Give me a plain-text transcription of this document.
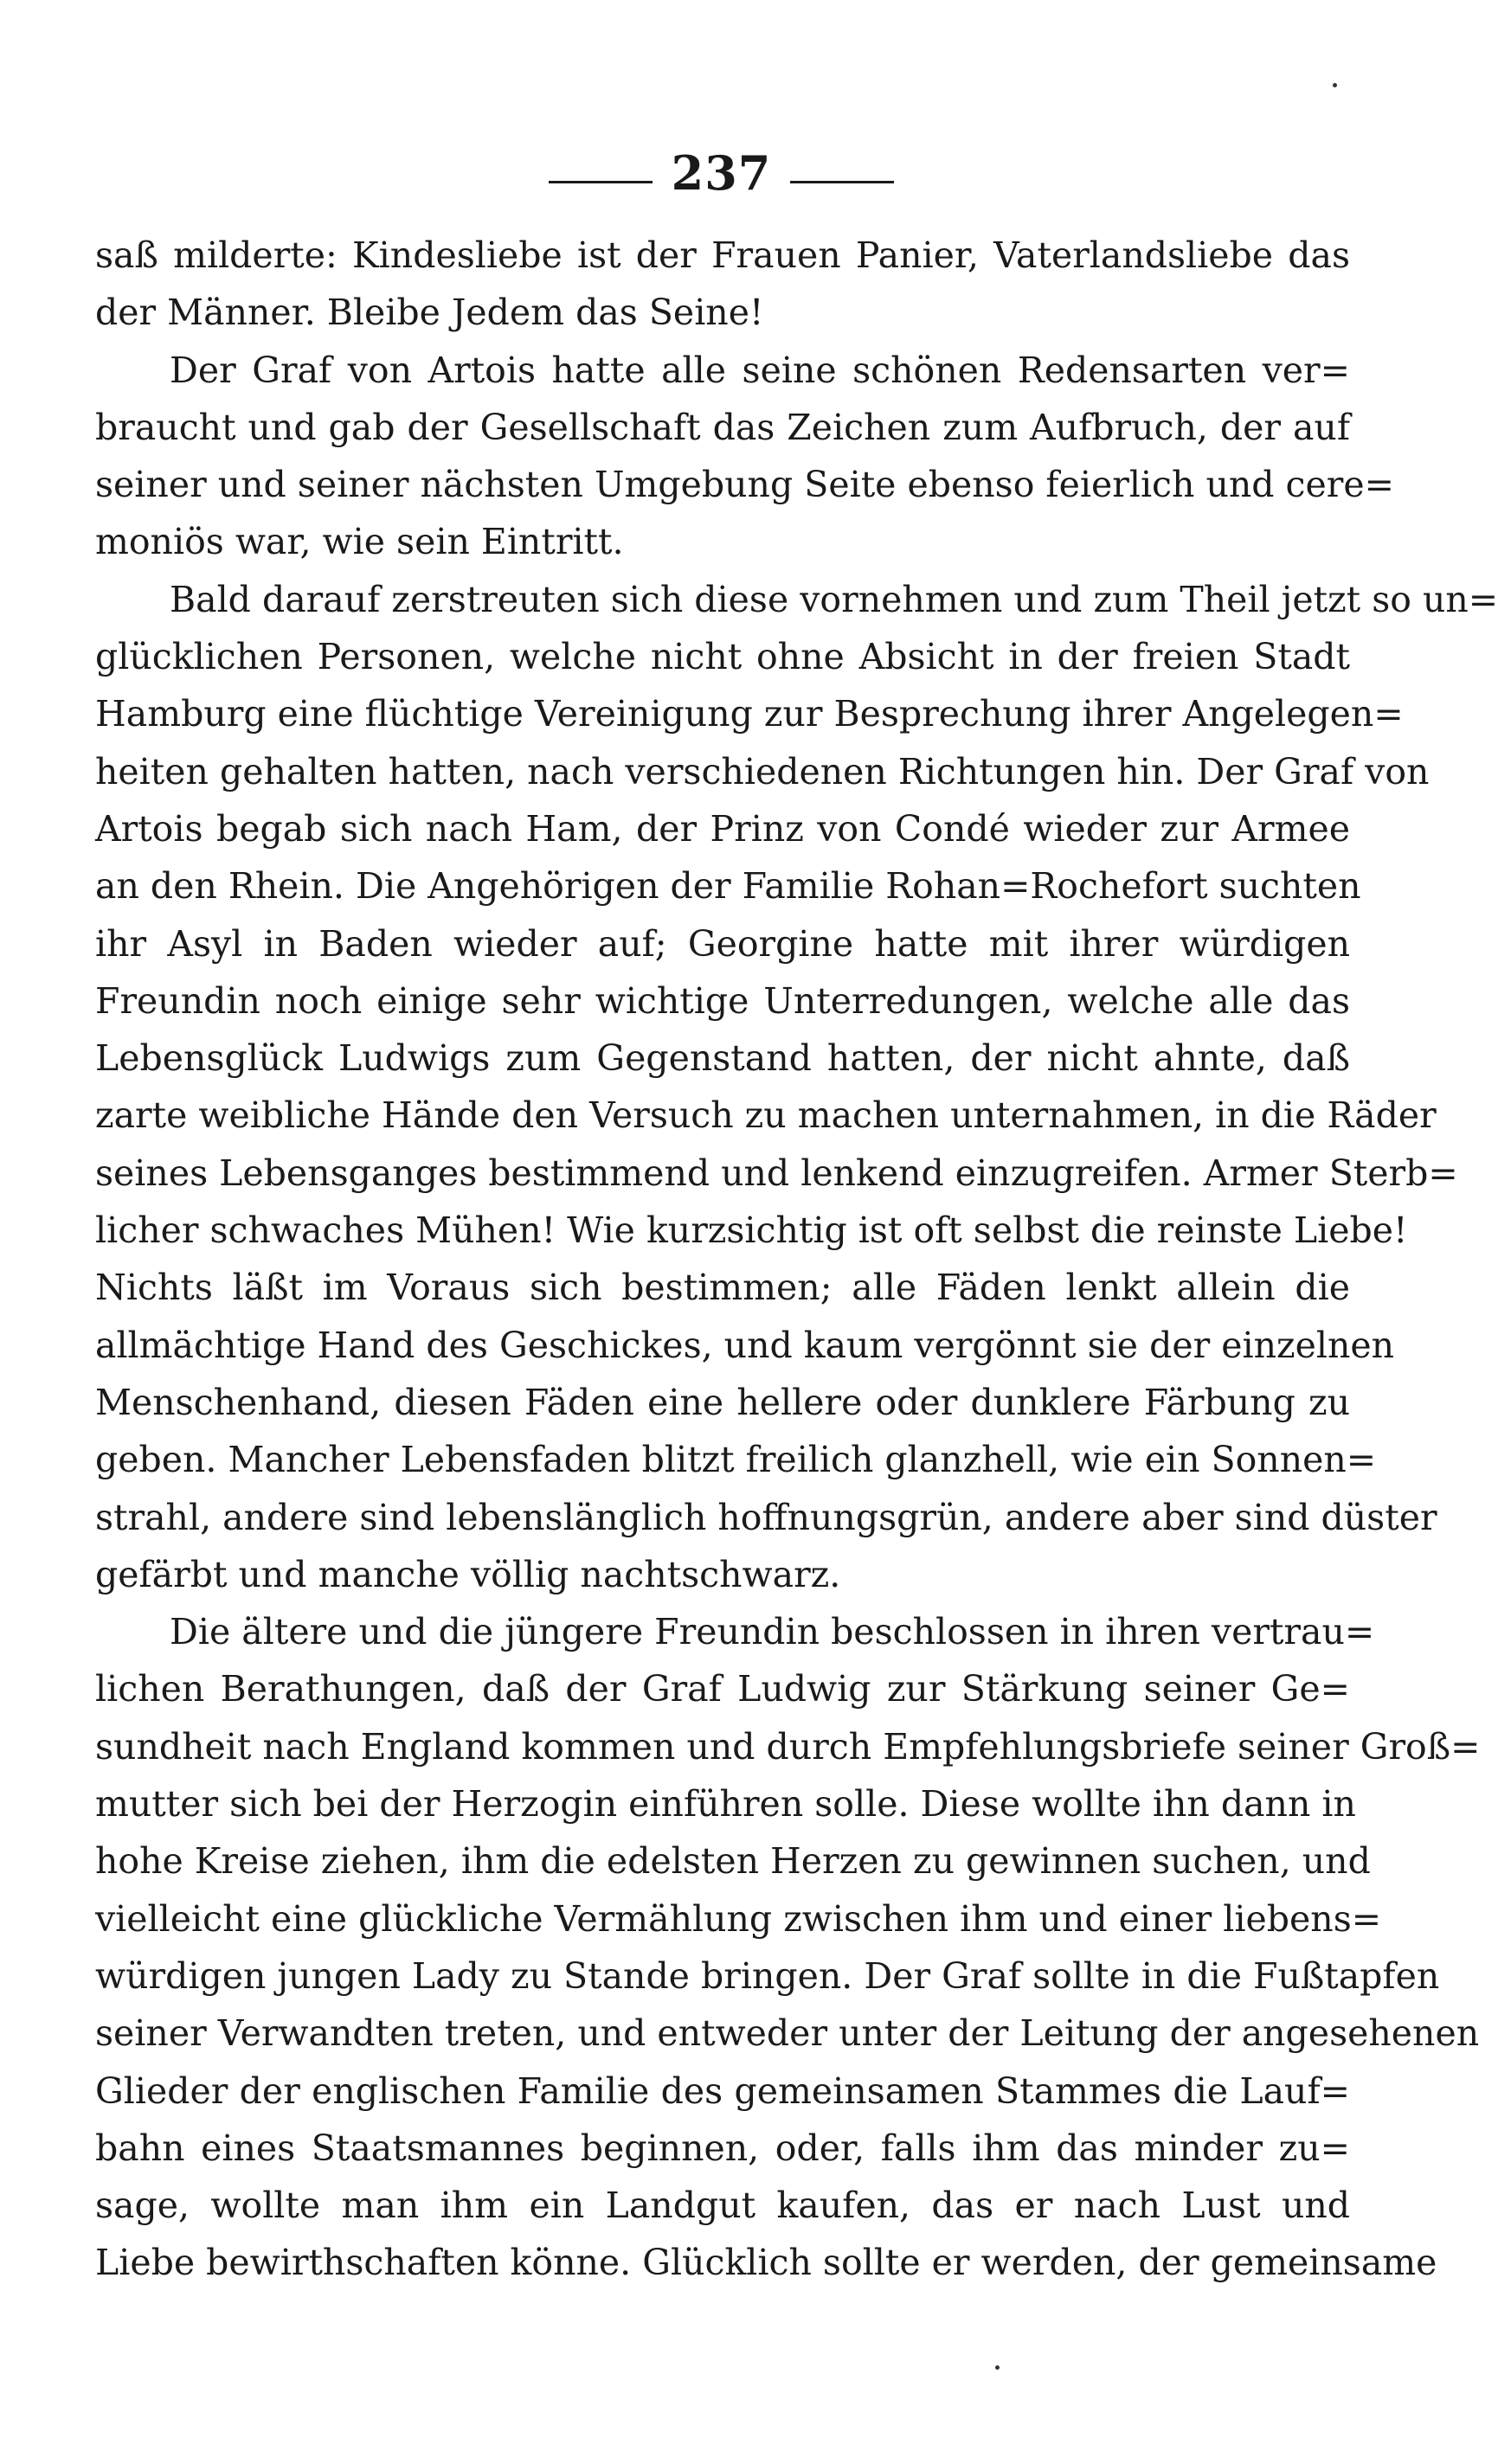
237
saß milderte: Kindesliebe ist der Frauen Panier, Vaterlandsliebe das
der Männer. Bleibe Jedem das Seine!
Der Graf von Artois hatte alle seine schönen Redensarten ver=
braucht und gab der Gesellschaft das Zeichen zum Aufbruch, der auf
seiner und seiner nächsten Umgebung Seite ebenso feierlich und cere=
moniös war, wie sein Eintritt.
Bald darauf zerstreuten sich diese vornehmen und zum Theil jetzt so un=
glücklichen Personen, welche nicht ohne Absicht in der freien Stadt
Hamburg eine flüchtige Vereinigung zur Besprechung ihrer Angelegen=
heiten gehalten hatten, nach verschiedenen Richtungen hin. Der Graf von
Artois begab sich nach Ham, der Prinz von Condé wieder zur Armee
an den Rhein. Die Angehörigen der Familie Rohan=Rochefort suchten
ihr Asyl in Baden wieder auf; Georgine hatte mit ihrer würdigen
Freundin noch einige sehr wichtige Unterredungen, welche alle das
Lebensglück Ludwigs zum Gegenstand hatten, der nicht ahnte, daß
zarte weibliche Hände den Versuch zu machen unternahmen, in die Räder
seines Lebensganges bestimmend und lenkend einzugreifen. Armer Sterb=
licher schwaches Mühen! Wie kurzsichtig ist oft selbst die reinste Liebe!
Nichts läßt im Voraus sich bestimmen; alle Fäden lenkt allein die
allmächtige Hand des Geschickes, und kaum vergönnt sie der einzelnen
Menschenhand, diesen Fäden eine hellere oder dunklere Färbung zu
geben. Mancher Lebensfaden blitzt freilich glanzhell, wie ein Sonnen=
strahl, andere sind lebenslänglich hoffnungsgrün, andere aber sind düster
gefärbt und manche völlig nachtschwarz.
Die ältere und die jüngere Freundin beschlossen in ihren vertrau=
lichen Berathungen, daß der Graf Ludwig zur Stärkung seiner Ge=
sundheit nach England kommen und durch Empfehlungsbriefe seiner Groß=
mutter sich bei der Herzogin einführen solle. Diese wollte ihn dann in
hohe Kreise ziehen, ihm die edelsten Herzen zu gewinnen suchen, und
vielleicht eine glückliche Vermählung zwischen ihm und einer liebens=
würdigen jungen Lady zu Stande bringen. Der Graf sollte in die Fußtapfen
seiner Verwandten treten, und entweder unter der Leitung der angesehenen
Glieder der englischen Familie des gemeinsamen Stammes die Lauf=
bahn eines Staatsmannes beginnen, oder, falls ihm das minder zu=
sage, wollte man ihm ein Landgut kaufen, das er nach Lust und
Liebe bewirthschaften könne. Glücklich sollte er werden, der gemeinsame
